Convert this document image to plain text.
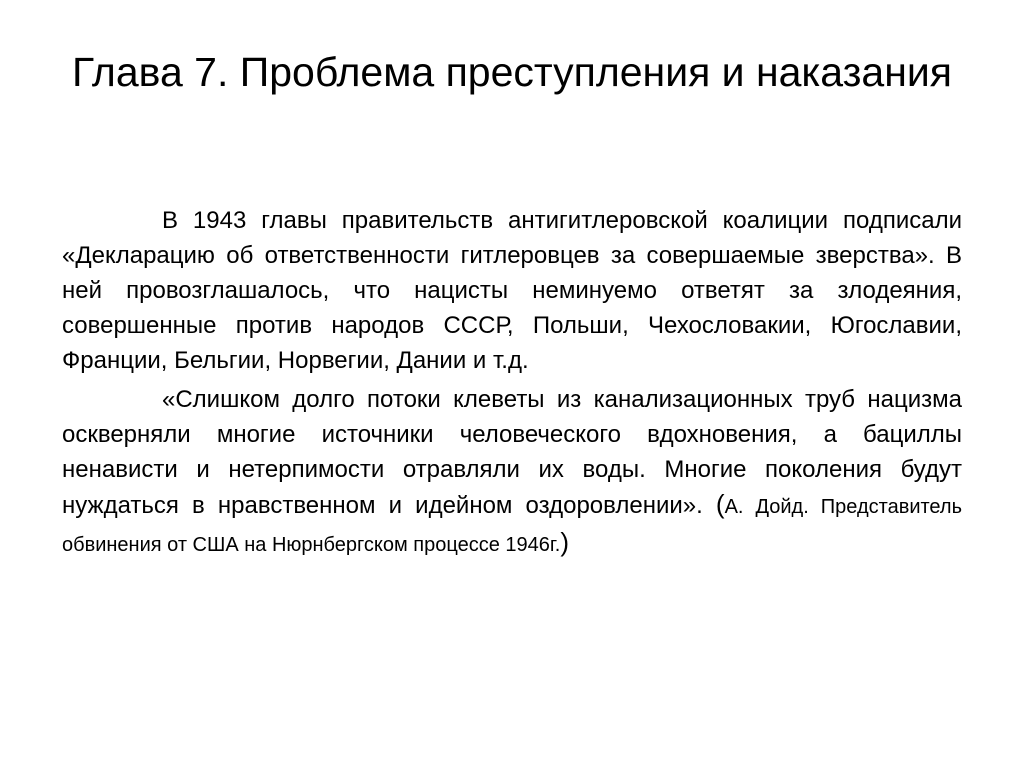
Глава 7. Проблема преступления и наказания

В 1943 главы правительств антигитлеровской коалиции подписали «Декларацию об ответственности гитлеровцев за совершаемые зверства». В ней провозглашалось, что нацисты неминуемо ответят за злодеяния, совершенные против народов СССР, Польши, Чехословакии, Югославии, Франции, Бельгии, Норвегии, Дании и т.д.

«Слишком долго потоки клеветы из канализационных труб нацизма оскверняли многие источники человеческого вдохновения, а бациллы ненависти и нетерпимости отравляли их воды. Многие поколения будут нуждаться в нравственном и идейном оздоровлении». (А. Дойд. Представитель обвинения от США на Нюрнбергском процессе 1946г.)
